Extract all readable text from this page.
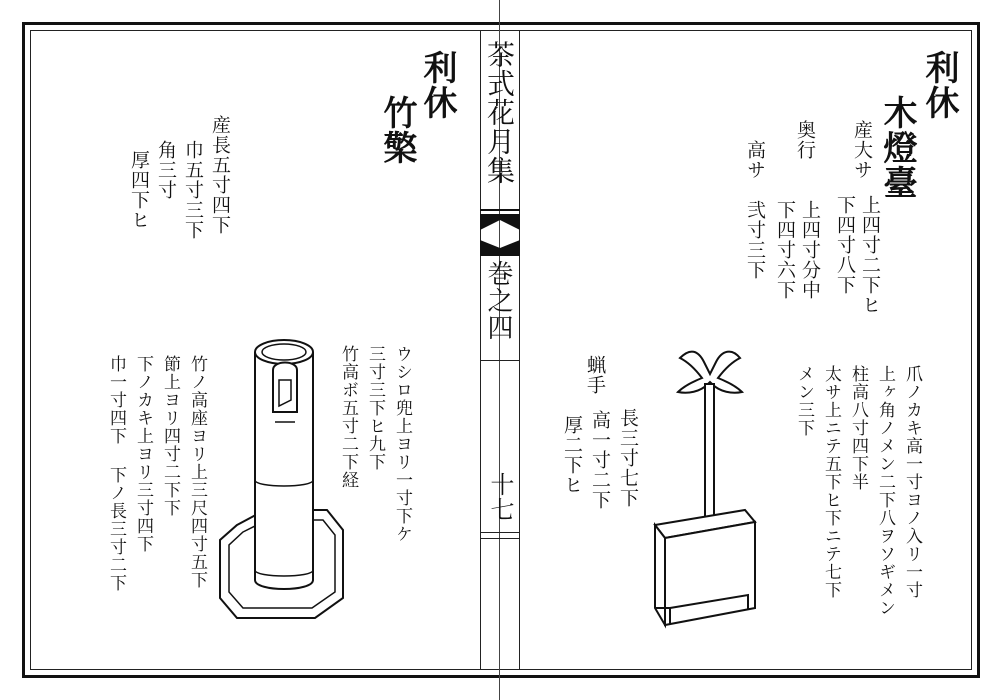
茶式花月集
巻之四
十七
利休
木燈臺
産大サ
上四寸二下ヒ
下四寸八下
奥行
上四寸分中
下四寸六下
高サ
弐寸三下
爪ノカキ高一寸ヨノ入リ一寸
上ヶ角ノメン二下八ヲソギメン
柱高八寸四下半
太サ上ニテ五下ヒ下ニテ七下
メン三下
蝋手
長三寸七下
高一寸二下
厚二下ヒ
利休
竹檠
産長五寸四下
巾五寸三下
角三寸
厚四下ヒ
ウシロ兜上ヨリ一寸下ケ
三寸三下ヒ九下
竹高ボ五寸二下経
竹ノ高座ヨリ上三尺四寸五下
節上ヨリ四寸二下下
下ノカキ上ヨリ三寸四下
巾一寸四下 下ノ長三寸二下
